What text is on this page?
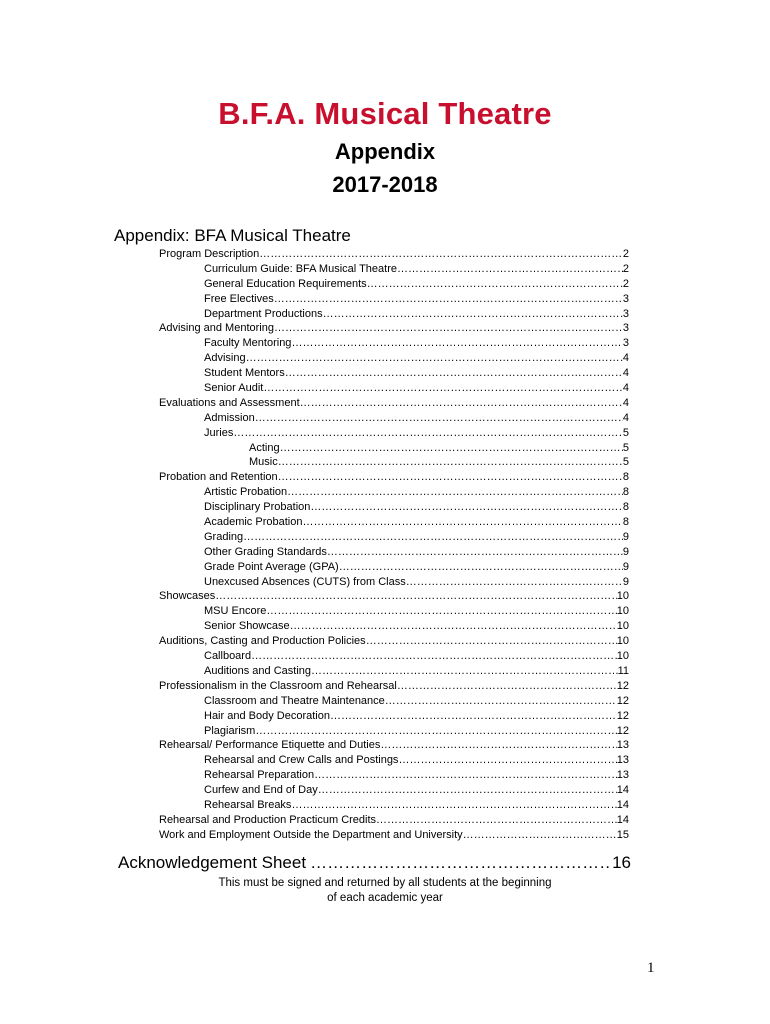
B.F.A. Musical Theatre
Appendix
2017-2018
Appendix: BFA Musical Theatre
Program Description ……………………………………………………………………………………………………………………………………………………………………………………	2
Curriculum Guide: BFA Musical Theatre ……………………………………………………………………………………………………………………………………………………………………………………	2
General Education Requirements ……………………………………………………………………………………………………………………………………………………………………………………	2
Free Electives ……………………………………………………………………………………………………………………………………………………………………………………	3
Department Productions ……………………………………………………………………………………………………………………………………………………………………………………	3
Advising and Mentoring ……………………………………………………………………………………………………………………………………………………………………………………	3
Faculty Mentoring ……………………………………………………………………………………………………………………………………………………………………………………	3
Advising ……………………………………………………………………………………………………………………………………………………………………………………	4
Student Mentors ……………………………………………………………………………………………………………………………………………………………………………………	4
Senior Audit ……………………………………………………………………………………………………………………………………………………………………………………	4
Evaluations and Assessment ……………………………………………………………………………………………………………………………………………………………………………………	4
Admission ……………………………………………………………………………………………………………………………………………………………………………………	4
Juries ……………………………………………………………………………………………………………………………………………………………………………………	5
Acting ……………………………………………………………………………………………………………………………………………………………………………………	5
Music ……………………………………………………………………………………………………………………………………………………………………………………	5
Probation and Retention ……………………………………………………………………………………………………………………………………………………………………………………	8
Artistic Probation ……………………………………………………………………………………………………………………………………………………………………………………	8
Disciplinary Probation ……………………………………………………………………………………………………………………………………………………………………………………	8
Academic Probation ……………………………………………………………………………………………………………………………………………………………………………………	8
Grading ……………………………………………………………………………………………………………………………………………………………………………………	9
Other Grading Standards ……………………………………………………………………………………………………………………………………………………………………………………	9
Grade Point Average (GPA) ……………………………………………………………………………………………………………………………………………………………………………………	9
Unexcused Absences (CUTS) from Class ……………………………………………………………………………………………………………………………………………………………………………………	9
Showcases ……………………………………………………………………………………………………………………………………………………………………………………	10
MSU Encore ……………………………………………………………………………………………………………………………………………………………………………………	10
Senior Showcase ……………………………………………………………………………………………………………………………………………………………………………………	10
Auditions, Casting and Production Policies ……………………………………………………………………………………………………………………………………………………………………………………	10
Callboard ……………………………………………………………………………………………………………………………………………………………………………………	10
Auditions and Casting ……………………………………………………………………………………………………………………………………………………………………………………	11
Professionalism in the Classroom and Rehearsal ……………………………………………………………………………………………………………………………………………………………………………………	12
Classroom and Theatre Maintenance ……………………………………………………………………………………………………………………………………………………………………………………	12
Hair and Body Decoration ……………………………………………………………………………………………………………………………………………………………………………………	12
Plagiarism ……………………………………………………………………………………………………………………………………………………………………………………	12
Rehearsal/ Performance Etiquette and Duties ……………………………………………………………………………………………………………………………………………………………………………………	13
Rehearsal and Crew Calls and Postings ……………………………………………………………………………………………………………………………………………………………………………………	13
Rehearsal Preparation ……………………………………………………………………………………………………………………………………………………………………………………	13
Curfew and End of Day ……………………………………………………………………………………………………………………………………………………………………………………	14
Rehearsal Breaks ……………………………………………………………………………………………………………………………………………………………………………………	14
Rehearsal and Production Practicum Credits ……………………………………………………………………………………………………………………………………………………………………………………	14
Work and Employment Outside the Department and University ……………………………………………………………………………………………………………………………………………………………………………………	15
Acknowledgement Sheet ………………………………………………………………………………………………………	16
This must be signed and returned by all students at the beginning
of each academic year
1
